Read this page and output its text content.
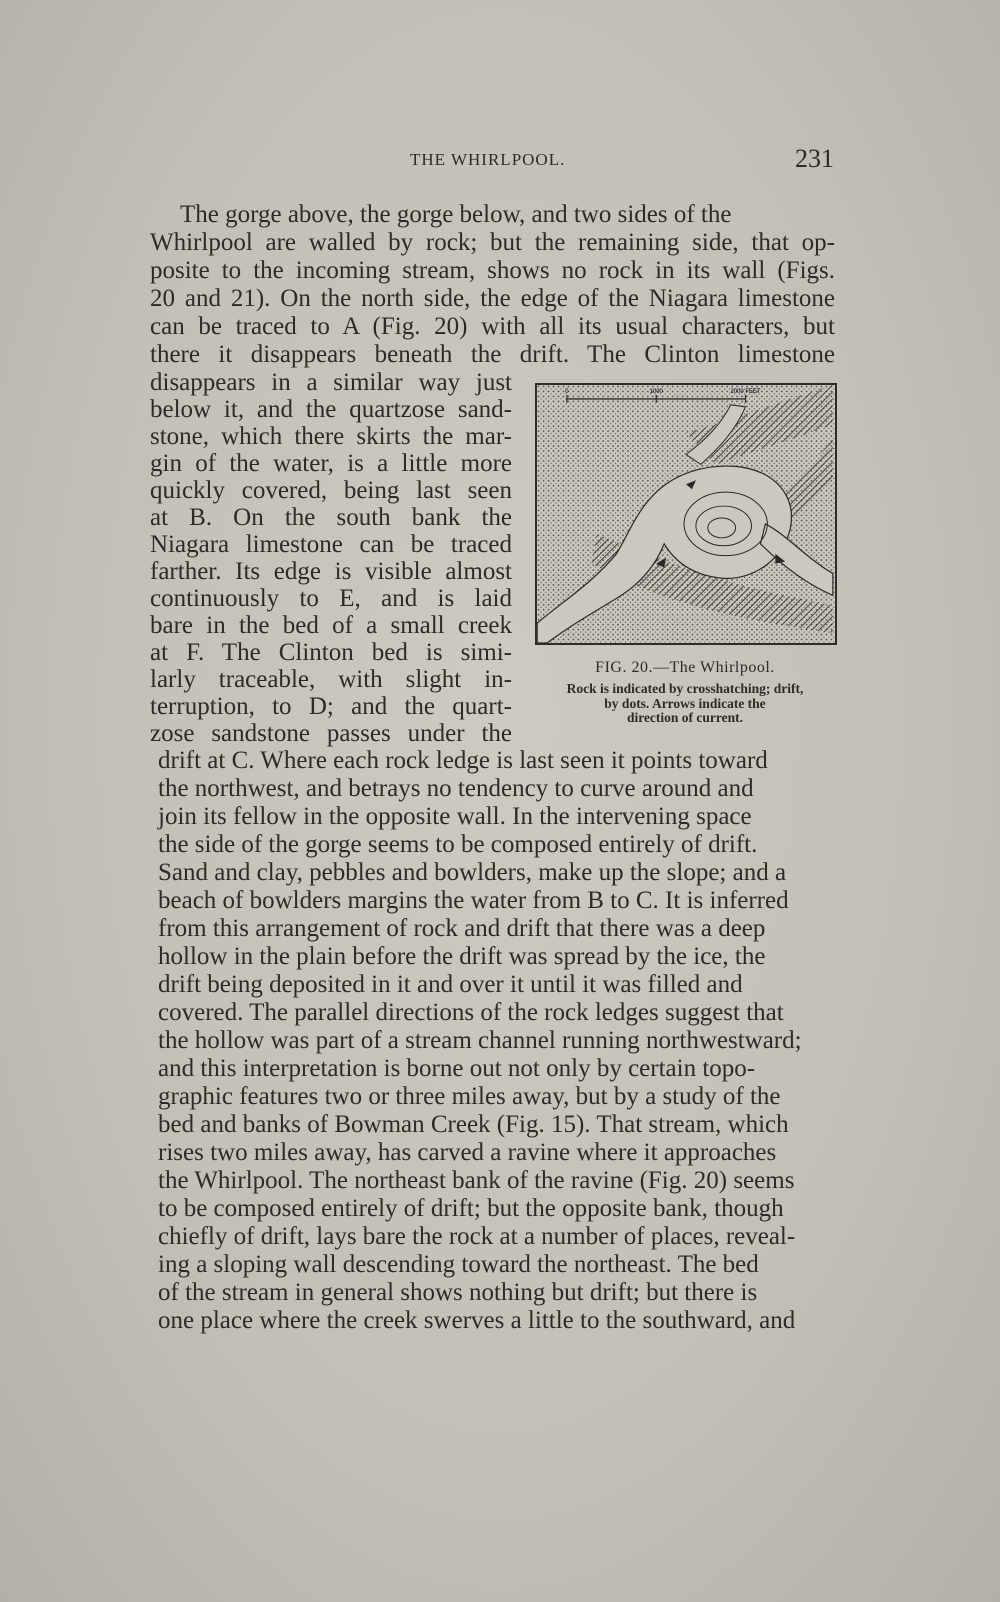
THE WHIRLPOOL.	231
The gorge above, the gorge below, and two sides of the
Whirlpool are walled by rock; but the remaining side, that op-
posite to the incoming stream, shows no rock in its wall (Figs.
20 and 21). On the north side, the edge of the Niagara limestone
can be traced to A (Fig. 20) with all its usual characters, but
there it disappears beneath the drift. The Clinton limestone
disappears in a similar way just
below it, and the quartzose sand-
stone, which there skirts the mar-
gin of the water, is a little more
quickly covered, being last seen
at B. On the south bank the
Niagara limestone can be traced
farther. Its edge is visible almost
continuously to E, and is laid
bare in the bed of a small creek
at F. The Clinton bed is simi-
larly traceable, with slight in-
terruption, to D; and the quart-
zose sandstone passes under the
drift at C. Where each rock ledge is last seen it points toward
the northwest, and betrays no tendency to curve around and
join its fellow in the opposite wall. In the intervening space
the side of the gorge seems to be composed entirely of drift.
Sand and clay, pebbles and bowlders, make up the slope; and a
beach of bowlders margins the water from B to C. It is inferred
from this arrangement of rock and drift that there was a deep
hollow in the plain before the drift was spread by the ice, the
drift being deposited in it and over it until it was filled and
covered. The parallel directions of the rock ledges suggest that
the hollow was part of a stream channel running northwestward;
and this interpretation is borne out not only by certain topo-
graphic features two or three miles away, but by a study of the
bed and banks of Bowman Creek (Fig. 15). That stream, which
rises two miles away, has carved a ravine where it approaches
the Whirlpool. The northeast bank of the ravine (Fig. 20) seems
to be composed entirely of drift; but the opposite bank, though
chiefly of drift, lays bare the rock at a number of places, reveal-
ing a sloping wall descending toward the northeast. The bed
of the stream in general shows nothing but drift; but there is
one place where the creek swerves a little to the southward, and
0	1000	2000 FEET
FIG. 20.—The Whirlpool.
Rock is indicated by crosshatching; drift,
by dots. Arrows indicate the
direction of current.
